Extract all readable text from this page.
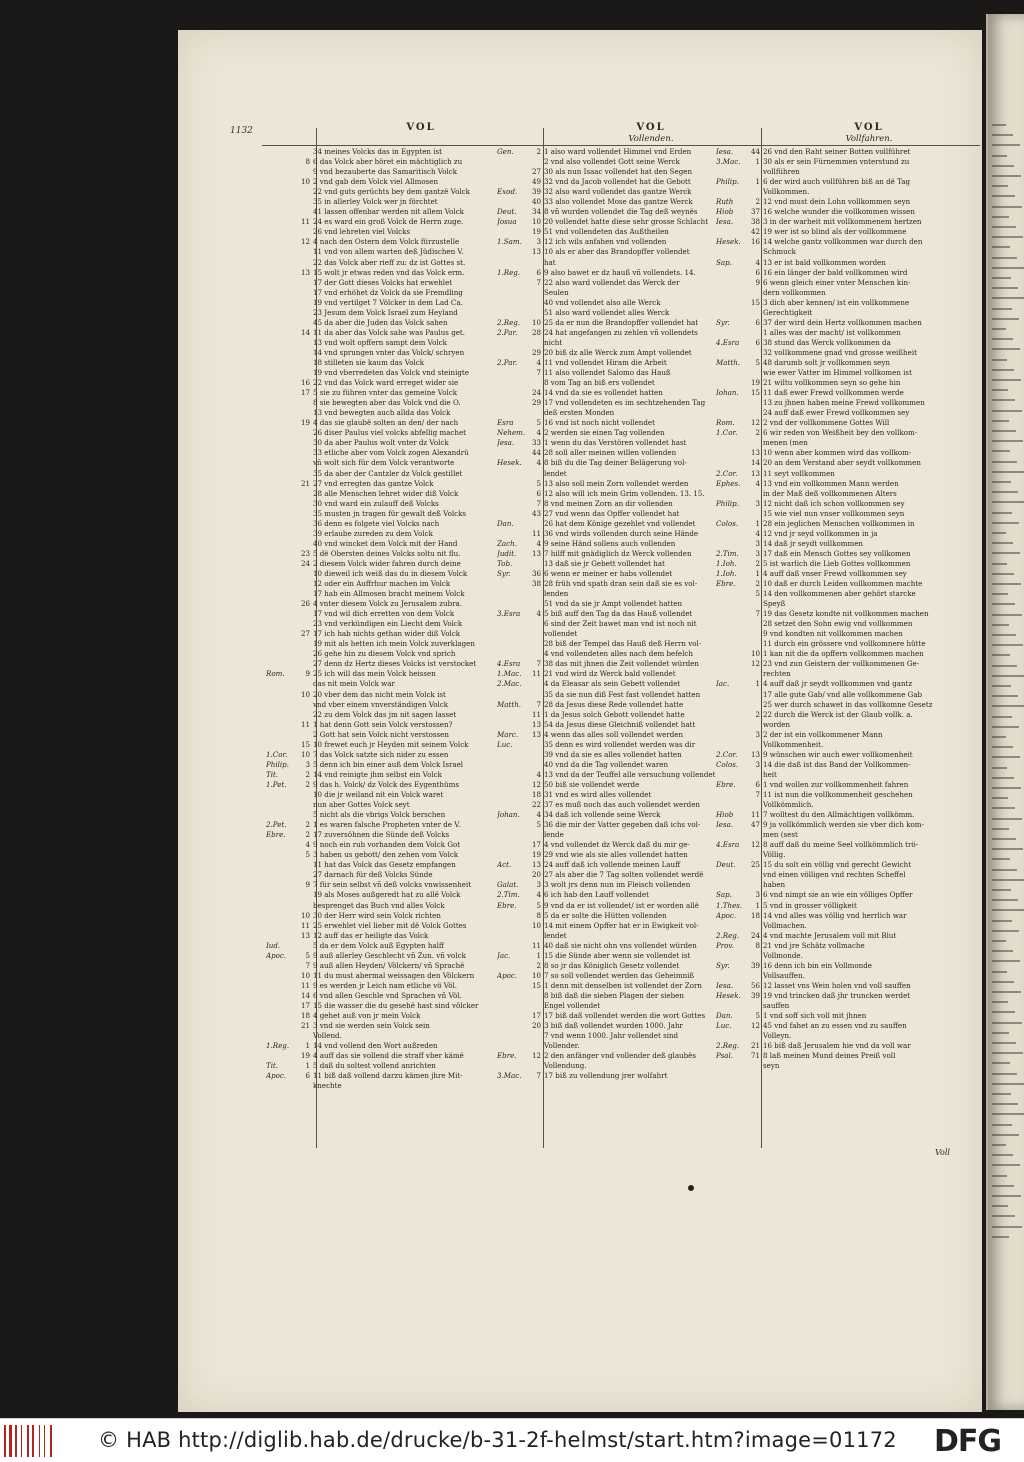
1132	VOL	VOL	VOL
Vollenden.	Vollfahren.
34 meines Volcks das in Egypten ist
8 6 das Volck aber höret ein mächtiglich zu
9 vnd bezauberte das Samaritisch Volck
10 2 vnd gab dem Volck viel Allmosen
22 vnd guts gerüchts bey dem gantzë Volck
35 in allerley Volck wer jn förchtet
41 lassen offenbar werden nit allem Volck
11 24 es ward ein groß Volck de Herrn zuge.
26 vnd lehreten viel Volcks
12 4 nach den Ostern dem Volck fürzustelle
11 vnd von allem warten deß Jüdischen V.
22 das Volck aber rieff zu: dz ist Gottes st.
13 15 wolt jr etwas reden vnd das Volck erm.
17 der Gott dieses Volcks hat erwehlet
17 vnd erhöhet dz Volck da sie Fremdling
19 vnd vertilget 7 Völcker in dem Lad Ca.
23 Jesum dem Volck Israel zum Heyland
45 da aber die Juden das Volck sahen
14 11 da aber das Volck sahe was Paulus get.
13 vnd wolt opffern sampt dem Volck
14 vnd sprungen vnter das Volck/ schryen
18 stilleten sie kaum das Volck
19 vnd vberredeten das Volck vnd steinigte
16 22 vnd das Volck ward erreget wider sie
17 5 sie zu führen vnter das gemeine Volck
8 sie bewegten aber das Volck vnd die O.
13 vnd bewegten auch allda das Volck
19 4 das sie glaubë solten an den/ der nach
26 diser Paulus viel volcks abfellig machet
30 da aber Paulus wolt vnter dz Volck
33 etliche aber vom Volck zogen Alexandrü
vñ wolt sich für dem Volck verantworte
35 da aber der Cantzler dz Volck gestillet
21 27 vnd erregten das gantze Volck
28 alle Menschen lehret wider diß Volck
30 vnd ward ein zulauff deß Volcks
35 musten jn tragen für gewalt deß Volcks
36 denn es folgete viel Volcks nach
39 erlaube zureden zu dem Volck
40 vnd wincket dem Volck mit der Hand
23 5 dë Obersten deines Volcks soltu nit flu.
24 2 diesem Volck wider fahren durch deine
10 dieweil ich weiß das du in diesem Volck
12 oder ein Auffrhur machen im Volck
17 hab ein Allmosen bracht meinem Volck
26 4 vnter diesem Volck zu Jerusalem zubra.
17 vnd wil dich erretten von dem Volck
23 vnd verkündigen ein Liecht dem Volck
27 17 ich hab nichts gethan wider diß Volck
19 mit als hetten ich mein Volck zuverklagen
26 gehe hin zu diesem Volck vnd sprich
27 denn dz Hertz dieses Volcks ist verstocket
Rom.	9 25 ich will das mein Volck heissen
das nit mein Volck war
10 20 vber dem das nicht mein Volck ist
vnd vber einem vnverständigen Volck
22 zu dem Volck das jm nit sagen lasset
11 1 hat denn Gott sein Volck verstossen?
2 Gott hat sein Volck nicht verstossen
15 10 frewet euch jr Heyden mit seinem Volck
1.Cor.	10 7 das Volck satzte sich nider zu essen
Philip.	3 5 denn ich bin einer auß dem Volck Israel
Tit.	2 14 vnd reinigte jhm selbst ein Volck
1.Pet.	2 9 das h. Volck/ dz Volck des Eygenthüms
10 die jr weiland nit ein Volck waret
nun aber Gottes Volck seyt
5 nicht als die vbrigs Volck berschen
2.Pet.	2 1 es waren falsche Propheten vnter de V.
Ebre.	2 17 zuversöhnen die Sünde deß Volcks
4 9 noch ein ruh vorhanden dem Volck Got
5 3 haben us gebott/ den zehen vom Volck
11 hat das Volck das Gesetz empfangen
27 darnach für deß Volcks Sünde
9 7 für sein selbst vñ deß volcks vnwissenheit
19 als Moses außgeredt hat zu allë Volck
besprenget das Buch vnd alles Volck
10 30 der Herr wird sein Volck richten
11 25 erwehlet viel lieber mit dë Volck Gottes
13 12 auff das er heiligte das Volck
Iud.	5 da er dem Volck auß Egypten halff
Apoc.	5 9 auß allerley Geschlecht vñ Zun. vñ volck
7 9 auß allen Heyden/ Völckern/ vñ Sprachë
10 11 du must abermal weissagen den Völckern
11 9 es werden jr Leich nam etliche vö Völ.
14 6 vnd allen Geschle vnd Sprachen vñ Völ.
17 15 die wasser die du gesehë hast sind völcker
18 4 gehet auß von jr mein Volck
21 3 vnd sie werden sein Volck sein
Vollend.
1.Reg.	1 14 vnd vollend den Wort außreden
19 4 auff das sie vollend die straff vber kämë
Tit.	1 5 daß du soltest vollend anrichten
Apoc.	6 11 biß daß vollend darzu kämen jhre Mit-
knechte
Gen.	2 1 also ward vollendet Himmel vnd Erden
2 vnd also vollendet Gott seine Werck
27 30 als nun Isaac vollendet hat den Segen
49 32 vnd da Jacob vollendet hat die Gebott
Exod.	39 32 also ward vollendet das gantze Werck
40 33 also vollendet Mose das gantze Werck
Deut.	34 8 vñ wurden vollendet die Tag deß weynës
Josua	10 20 vollendet hatte diese sehr grosse Schlacht
19 51 vnd vollendeten das Außtheilen
1.Sam.	3 12 ich wils anfahen vnd vollenden
13 10 als er aber das Brandopffer vollendet
hat
1.Reg.	6 9 also bawet er dz hauß vñ vollendets. 14.
7 22 also ward vollendet das Werck der
Seulen
40 vnd vollendet also alle Werck
51 also ward vollendet alles Werck
2.Reg.	10 25 da er nun die Brandopffer vollendet hat
2.Par.	28 24 hat angefangen zu zehlen vñ vollendets
nicht
29 20 biß dz alle Werck zum Ampt vollendet
2.Par.	4 11 vnd vollendet Hiram die Arbeit
7 11 also vollendet Salomo das Hauß
8 vom Tag an biß ers vollendet
24 14 vnd da sie es vollendet hatten
29 17 vnd vollendeten es im sechtzehenden Tag
deß ersten Monden
Esra	5 16 vnd ist noch nicht vollendet
Nehem.	4 2 werden sie einen Tag vollenden
Jesa.	33 1 wenn du das Verstören vollendet hast
44 28 soll aller meinen willen vollenden
Hesek.	4 8 biß du die Tag deiner Belägerung vol-
lendet
5 13 also soll mein Zorn vollendet werden
6 12 also will ich mein Grim vollenden. 13. 15.
7 8 vnd meinen Zorn an dir vollenden
43 27 vnd wenn das Opffer vollendet hat
Dan.	26 hat dem Könige gezehlet vnd vollendet
11 36 vnd wirds vollenden durch seine Hände
Zach.	4 9 seine Händ sollens auch vollenden
Judit.	13 7 hilff mit gnädiglich dz Werck vollenden
Tob.	13 daß sie jr Gebett vollendet hat
Syr.	36 6 wenn er meiner er habs vollendet
38 28 früh vnd spath dran sein daß sie es vol-
lenden
51 vnd da sie jr Ampt vollendet hatten
3.Esra	4 5 biß auff den Tag da das Hauß vollendet
6 sind der Zeit bawet man vnd ist noch nit
vollendet
28 biß der Tempel das Hauß deß Herrn vol-
4 vnd vollendeten alles nach dem befelch
4.Esra	7 38 das mit jhnen die Zeit vollendet würden
1.Mac.	11 21 vnd wird dz Werck bald vollendet
2.Mac.	4 da Eleasar als sein Gebett vollendet
35 da sie nun diß Fest fast vollendet hatten
Matth.	7 28 da Jesus diese Rede vollendet hatte
11 1 da Jesus solch Gebott vollendet hatte
13 54 da Jesus diese Gleichniß vollendet hatt
Marc.	13 4 wenn das alles soll vollendet werden
Luc.	35 denn es wird vollendet werden was dir
39 vnd da sie es alles vollendet hatten
40 vnd da die Tag vollendet waren
4 13 vnd da der Teuffel alle versuchung vollendet
12 50 biß sie vollendet werde
18 31 vnd es wird alles vollendet
22 37 es muß noch das auch vollendet werden
Johan.	4 34 daß ich vollende seine Werck
5 36 die mir der Vatter gegeben daß ichs vol-
lende
17 4 vnd vollendet dz Werck daß du mir ge-
19 29 vnd wie als sie alles vollendet hatten
Act.	13 24 auff daß ich vollende meinen Lauff
20 27 als aber die 7 Tag solten vollendet werdë
Galat.	3 3 wolt jrs denn nun im Fleisch vollenden
2.Tim.	4 6 ich hab den Lauff vollendet
Ebre.	5 9 vnd da er ist vollendet/ ist er worden allë
8 5 da er solte die Hütten vollenden
10 14 mit einem Opffer hat er in Ewigkeit vol-
lendet
11 40 daß sie nicht ohn vns vollendet würden
Jac.	1 15 die Sünde aber wenn sie vollendet ist
2 8 so jr das Königlich Gesetz vollendet
Apoc.	10 7 so soll vollendet werden das Geheimniß
15 1 denn mit denselben ist vollendet der Zorn
8 biß daß die sieben Plagen der sieben
Engel vollendet
17 17 biß daß vollendet werden die wort Gottes
20 3 biß daß vollendet wurden 1000. Jahr
7 vnd wenn 1000. Jahr vollendet sind
Vollender.
Ebre.	12 2 den anfänger vnd vollender deß glaubës
Vollendung.
3.Mac.	7 17 biß zu vollendung jrer wolfahrt
Iesa.	44 26 vnd den Raht seiner Botten vollführet
3.Mac.	1 30 als er sein Fürnemmen vnterstund zu
vollführen
Philip.	1 6 der wird auch vollführen biß an dë Tag
Vollkommen.
Ruth	2 12 vnd must dein Lohn vollkommen seyn
Hiob	37 16 welche wunder die vollkommen wissen
Iesa.	38 3 in der warheit mit vollkommenem hertzen
42 19 wer ist so blind als der vollkommene
Hesek.	16 14 welche gantz vollkommen war durch den
Schmuck
Sap.	4 13 er ist bald vollkommen worden
6 16 ein länger der bald vollkommen wird
9 6 wenn gleich einer vnter Menschen kin-
dern vollkommen
15 3 dich aber kennen/ ist ein vollkommene
Gerechtigkeit
Syr.	6 37 der wird dein Hertz vollkommen machen
1 alles was der macht/ ist vollkommen
4.Esra	6 38 stund das Werck vollkommen da
32 vollkommene gnad vnd grosse weißheit
Matth.	5 48 darumb solt jr vollkommen seyn
wie ewer Vatter im Himmel vollkomen ist
19 21 wiltu vollkommen seyn so gehe hin
Iohan.	15 11 daß ewer Frewd vollkommen werde
13 zu jhnen haben meine Frewd vollkommen
24 auff daß ewer Frewd vollkommen sey
Rom.	12 2 vnd der vollkommene Gottes Will
1.Cor.	2 6 wir reden von Weißheit bey den vollkom-
menen (men
13 10 wenn aber kommen wird das vollkom-
14 20 an dem Verstand aber seydt vollkommen
2.Cor.	13 11 seyt vollkommen
Ephes.	4 13 vnd ein vollkommen Mann werden
in der Maß deß vollkommenen Alters
Philip.	3 12 nicht daß ich schon vollkommen sey
15 wie viel nun vnser vollkommen seyn
Colos.	1 28 ein jeglichen Menschen vollkommen in
4 12 vnd jr seyd vollkommen in ja
3 14 daß jr seydt vollkommen
2.Tim.	3 17 daß ein Mensch Gottes sey vollkomen
1.Ioh.	2 5 ist warlich die Lieb Gottes vollkommen
1.Ioh.	1 4 auff daß vnser Frewd vollkommen sey
Ebre.	2 10 daß er durch Leiden vollkommen machte
5 14 den vollkommenen aber gehört starcke
Speyß
7 19 das Gesetz kondte nit vollkommen machen
28 setzet den Sohn ewig vnd vollkommen
9 vnd kondten nit vollkommen machen
11 durch ein grössere vnd vollkomnere hütte
10 1 kan nit die da opffern vollkommen machen
12 23 vnd zun Geistern der vollkommenen Ge-
rechten
Iac.	1 4 auff daß jr seydt vollkommen vnd gantz
17 alle gute Gab/ vnd alle vollkommene Gab
25 wer durch schawet in das vollkomne Gesetz
2 22 durch die Werck ist der Glaub vollk. a.
worden
3 2 der ist ein vollkommener Mann
Vollkommenheit.
2.Cor.	13 9 wünschen wir auch ewer vollkomenheit
Colos.	3 14 die daß ist das Band der Vollkommen-
heit
Ebre.	6 1 vnd wollen zur vollkommenheit fahren
7 11 ist nun die vollkommenheit geschehen
Vollkömmlich.
Hiob	11 7 wolltest du den Allmächtigen vollkömm.
Iesa.	47 9 ja vollkömmlich werden sie vber dich kom-
men (sest
4.Esra	12 8 auff daß du meine Seel vollkömmlich trö-
Völlig.
Deut.	25 15 du solt ein völlig vnd gerecht Gewicht
vnd einen völligen vnd rechten Scheffel
haben
Sap.	3 6 vnd nimpt sie an wie ein völliges Opffer
1.Thes.	1 5 vnd in grosser völligkeit
Apoc.	18 14 vnd alles was völlig vnd herrlich war
Vollmachen.
2.Reg.	24 4 vnd machte Jerusalem voll mit Blut
Prov.	8 21 vnd jre Schätz vollmache
Vollmonde.
Syr.	39 16 denn ich bin ein Vollmonde
Vollsauffen.
Iesa.	56 12 lasset vns Wein holen vnd voll sauffen
Hesek.	39 19 vnd trincken daß jhr truncken werdet
sauffen
Dan.	5 1 vnd soff sich voll mit jhnen
Luc.	12 45 vnd fahet an zu essen vnd zu sauffen
Volleyn.
2.Reg.	21 16 biß daß Jerusalem hie vnd da voll war
Psal.	71 8 laß meinen Mund deines Preiß voll
seyn
Voll
© HAB http://diglib.hab.de/drucke/b-31-2f-helmst/start.htm?image=01172 DFG
